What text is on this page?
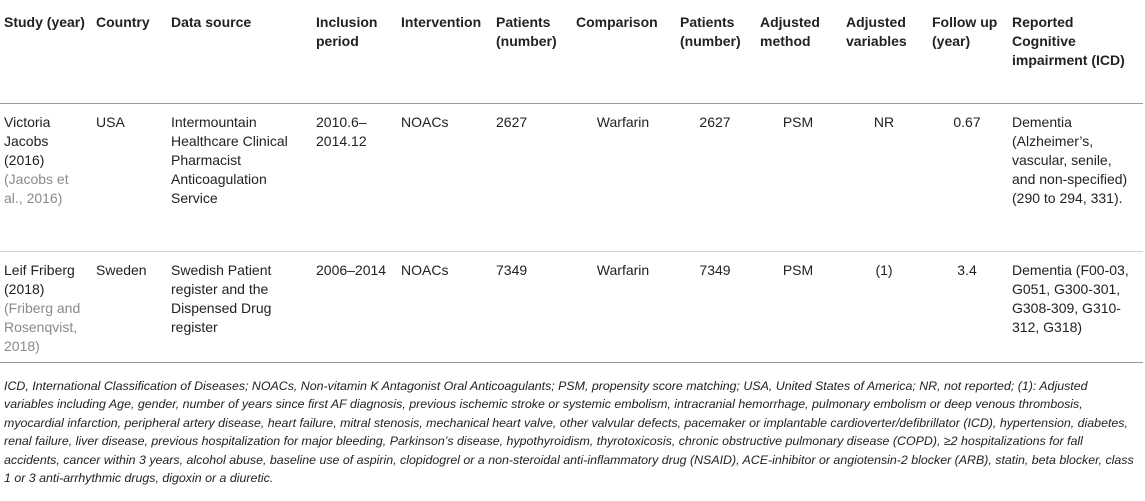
Study (year)	Country	Data source	Inclusion period	Intervention	Patients (number)	Comparison	Patients (number)	Adjusted method	Adjusted variables	Follow up (year)	Reported Cognitive impairment (ICD)
Victoria Jacobs (2016) (Jacobs et al., 2016)	USA	Intermountain Healthcare Clinical Pharmacist Anticoagulation Service	2010.6–2014.12	NOACs	2627	Warfarin	2627	PSM	NR	0.67	Dementia (Alzheimer’s, vascular, senile, and non-specified) (290 to 294, 331).
Leif Friberg (2018) (Friberg and Rosenqvist, 2018)	Sweden	Swedish Patient register and the Dispensed Drug register	2006–2014	NOACs	7349	Warfarin	7349	PSM	(1)	3.4	Dementia (F00-03, G051, G300-301, G308-309, G310-312, G318)
ICD, International Classification of Diseases; NOACs, Non-vitamin K Antagonist Oral Anticoagulants; PSM, propensity score matching; USA, United States of America; NR, not reported; (1): Adjusted variables including Age, gender, number of years since first AF diagnosis, previous ischemic stroke or systemic embolism, intracranial hemorrhage, pulmonary embolism or deep venous thrombosis, myocardial infarction, peripheral artery disease, heart failure, mitral stenosis, mechanical heart valve, other valvular defects, pacemaker or implantable cardioverter/defibrillator (ICD), hypertension, diabetes, renal failure, liver disease, previous hospitalization for major bleeding, Parkinson’s disease, hypothyroidism, thyrotoxicosis, chronic obstructive pulmonary disease (COPD), ≥2 hospitalizations for fall accidents, cancer within 3 years, alcohol abuse, baseline use of aspirin, clopidogrel or a non-steroidal anti-inflammatory drug (NSAID), ACE-inhibitor or angiotensin-2 blocker (ARB), statin, beta blocker, class 1 or 3 anti-arrhythmic drugs, digoxin or a diuretic.
